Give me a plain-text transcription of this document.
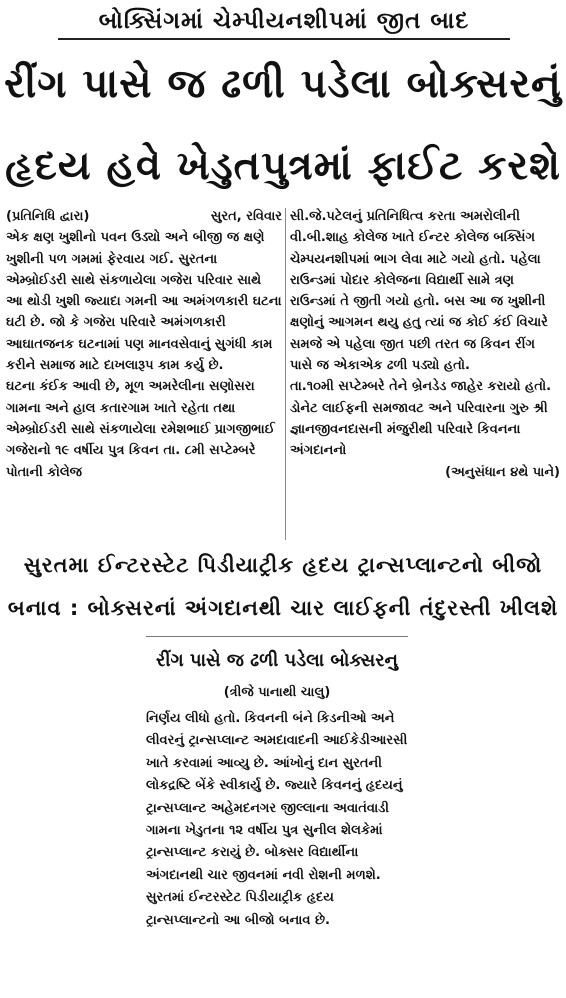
બોક્સિંગમાં ચેમ્પીયનશીપમાં જીત બાદ
રીંગ પાસે જ ઢળી પડેલા બોક્સરનું
હૃદય હવે ખેડુતપુત્રમાં ફાઈટ કરશે
(પ્રતિનિધિ દ્વારા)	સુરત, રવિવાર

એક ક્ષણ ખુશીનો પવન ઉડ્યો અને બીજી જ ક્ષણે ખુશીની પળ ગમમાં ફેરવાય ગઈ. સુરતના એમ્બ્રોઈડરી સાથે સંકળાયેલા ગજેરા પરિવાર સાથે આ થોડી ખુશી જ્યાદા ગમની આ અમંગળકારી ઘટના ઘટી છે. જો કે ગજેરા પરિવારે અમંગળકારી આઘાતજનક ઘટનામાં પણ માનવસેવાનું સુગંધી કામ કરીને સમાજ માટે દાખલારૂપ કામ કર્યુ છે.

ઘટના કંઈક આવી છે, મૂળ અમરેલીના સણોસરા ગામના અને હાલ કતારગામ ખાતે રહેતા તથા એમ્બ્રોઈડરી સાથે સંકળાયેલા રમેશભાઈ પ્રાગજીભાઈ ગજેરાનો ૧૯ વર્ષીય પુત્ર કિવન તા. ૮મી સપ્ટેમ્બરે પોતાની કોલેજ

સી.જે.પટેલનું પ્રતિનિધિત્વ કરતા અમરોલીની વી.બી.શાહ કોલેજ ખાતે ઈન્ટર કોલેજ બક્સિંગ ચેમ્પયનશીપમાં ભાગ લેવા માટે ગયો હતો. પહેલા રાઉન્ડમાં પોદાર કોલેજના વિદ્યાર્થી સામે ત્રણ રાઉન્ડમાં તે જીતી ગયો હતો. બસ આ જ ખુશીની ક્ષણોનું આગમન થયુ હતુ ત્યાં જ કોઈ કંઈ વિચારે સમજે એ પહેલા જીત પછી તરત જ કિવન રીંગ પાસે જ એકાએક ઢળી પડ્યો હતો.

તા.૧૦મી સપ્ટેમ્બરે તેને બ્રેનડેડ જાહેર કરાયો હતો. ડોનેટ લાઈફની સમજાવટ અને પરિવારના ગુરુ શ્રી જ્ઞાનજીવનદાસની મંજુરીથી પરિવારે કિવનના અંગદાનનો

(અનુસંધાન ૪થે પાને)

સુરતમા ઈન્ટરસ્ટેટ પિડીયાટ્રીક હૃદય ટ્રાન્સપ્લાન્ટનો બીજો
બનાવ : બોક્સરનાં અંગદાનથી ચાર લાઈફની તંદુરસ્તી ખીલશે
રીંગ પાસે જ ઢળી પડેલા બોક્સરનુ
(ત્રીજે પાનાથી ચાલુ)

નિર્ણય લીધો હતો. કિવનની બંને કિડનીઓ અને લીવરનું ટ્રાન્સપ્લાન્ટ અમદાવાદની આઈકેડીઆરસી ખાતે કરવામાં આવ્યુ છે. આંખોનું દાન સુરતની લોકદ્રષ્ટિ બેંકે સ્વીકાર્યુ છે. જ્યારે કિવનનું હૃદયનું ટ્રાન્સપ્લાન્ટ અહેમદનગર જીલ્લાના અવાતંવાડી ગામના ખેડુતના ૧૨ વર્ષીય પુત્ર સુનીલ શેલકેમાં ટ્રાન્સપ્લાન્ટ કરાયું છે. બોક્સર વિદ્યાર્થીના અંગદાનથી ચાર જીવનમાં નવી રોશની મળશે. સુરતમાં ઈન્ટરસ્ટેટ પિડીયાટ્રીક હૃદય ટ્રાન્સપ્લાન્ટનો આ બીજો બનાવ છે.
